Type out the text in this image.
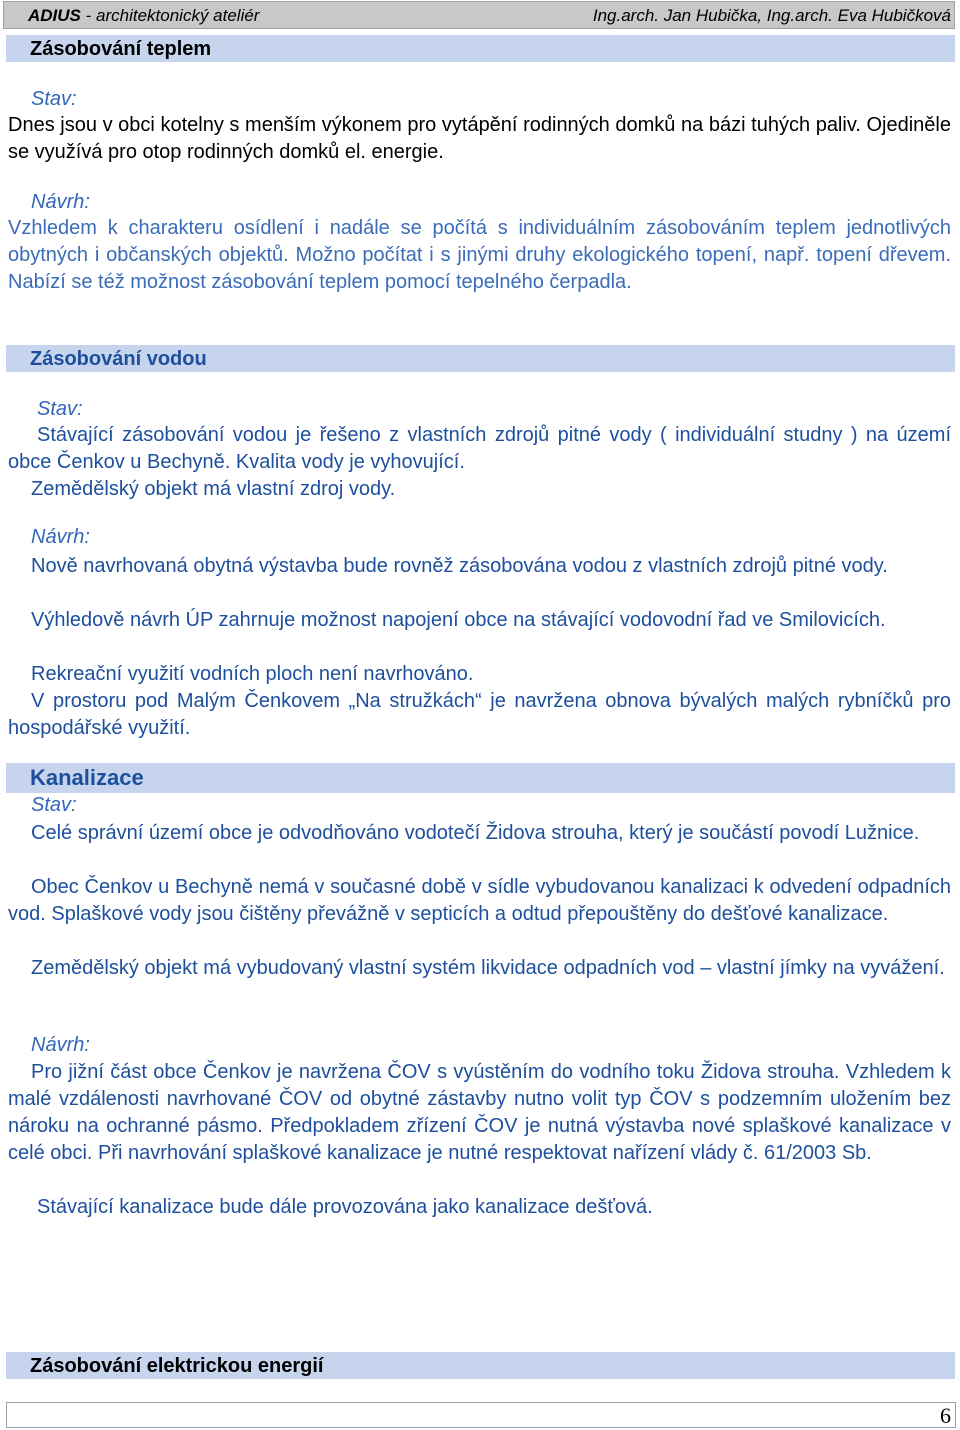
ADIUS - architektonický ateliér	Ing.arch. Jan Hubička, Ing.arch. Eva Hubičková
Zásobování teplem
Stav:
Dnes jsou v obci kotelny s menším výkonem pro vytápění rodinných domků na bázi tuhých paliv. Ojediněle se využívá pro otop rodinných domků el. energie.
Návrh:
Vzhledem k charakteru osídlení i nadále se počítá s individuálním zásobováním teplem jednotlivých obytných i občanských objektů. Možno počítat i s jinými druhy ekologického topení, např. topení dřevem. Nabízí se též možnost zásobování teplem pomocí tepelného čerpadla.
Zásobování vodou
Stav:
Stávající zásobování vodou je řešeno z vlastních zdrojů pitné vody ( individuální studny ) na území obce Čenkov u Bechyně. Kvalita vody je vyhovující.
Zemědělský objekt má vlastní zdroj vody.
Návrh:
Nově navrhovaná obytná výstavba bude rovněž zásobována vodou z vlastních zdrojů pitné vody.
Výhledově návrh ÚP zahrnuje možnost napojení obce na stávající vodovodní řad ve Smilovicích.
Rekreační využití vodních ploch není navrhováno.
V prostoru pod Malým Čenkovem „Na stružkách“ je navržena obnova bývalých malých rybníčků pro hospodářské využití.
Kanalizace
Stav:
Celé správní území obce je odvodňováno vodotečí Židova strouha, který je součástí povodí Lužnice.
Obec Čenkov u Bechyně nemá v současné době v sídle vybudovanou kanalizaci k odvedení odpadních vod. Splaškové vody jsou čištěny převážně v septicích a odtud přepouštěny do dešťové kanalizace.
Zemědělský objekt má vybudovaný vlastní systém likvidace odpadních vod – vlastní jímky na vyvážení.
Návrh:
Pro jižní část obce Čenkov je navržena ČOV s vyústěním do vodního toku Židova strouha. Vzhledem k malé vzdálenosti navrhované ČOV od obytné zástavby nutno volit typ ČOV s podzemním uložením bez nároku na ochranné pásmo. Předpokladem zřízení ČOV je nutná výstavba nové splaškové kanalizace v celé obci. Při navrhování splaškové kanalizace je nutné respektovat nařízení vlády č. 61/2003 Sb.
Stávající kanalizace bude dále provozována jako kanalizace dešťová.
Zásobování elektrickou energií
6
